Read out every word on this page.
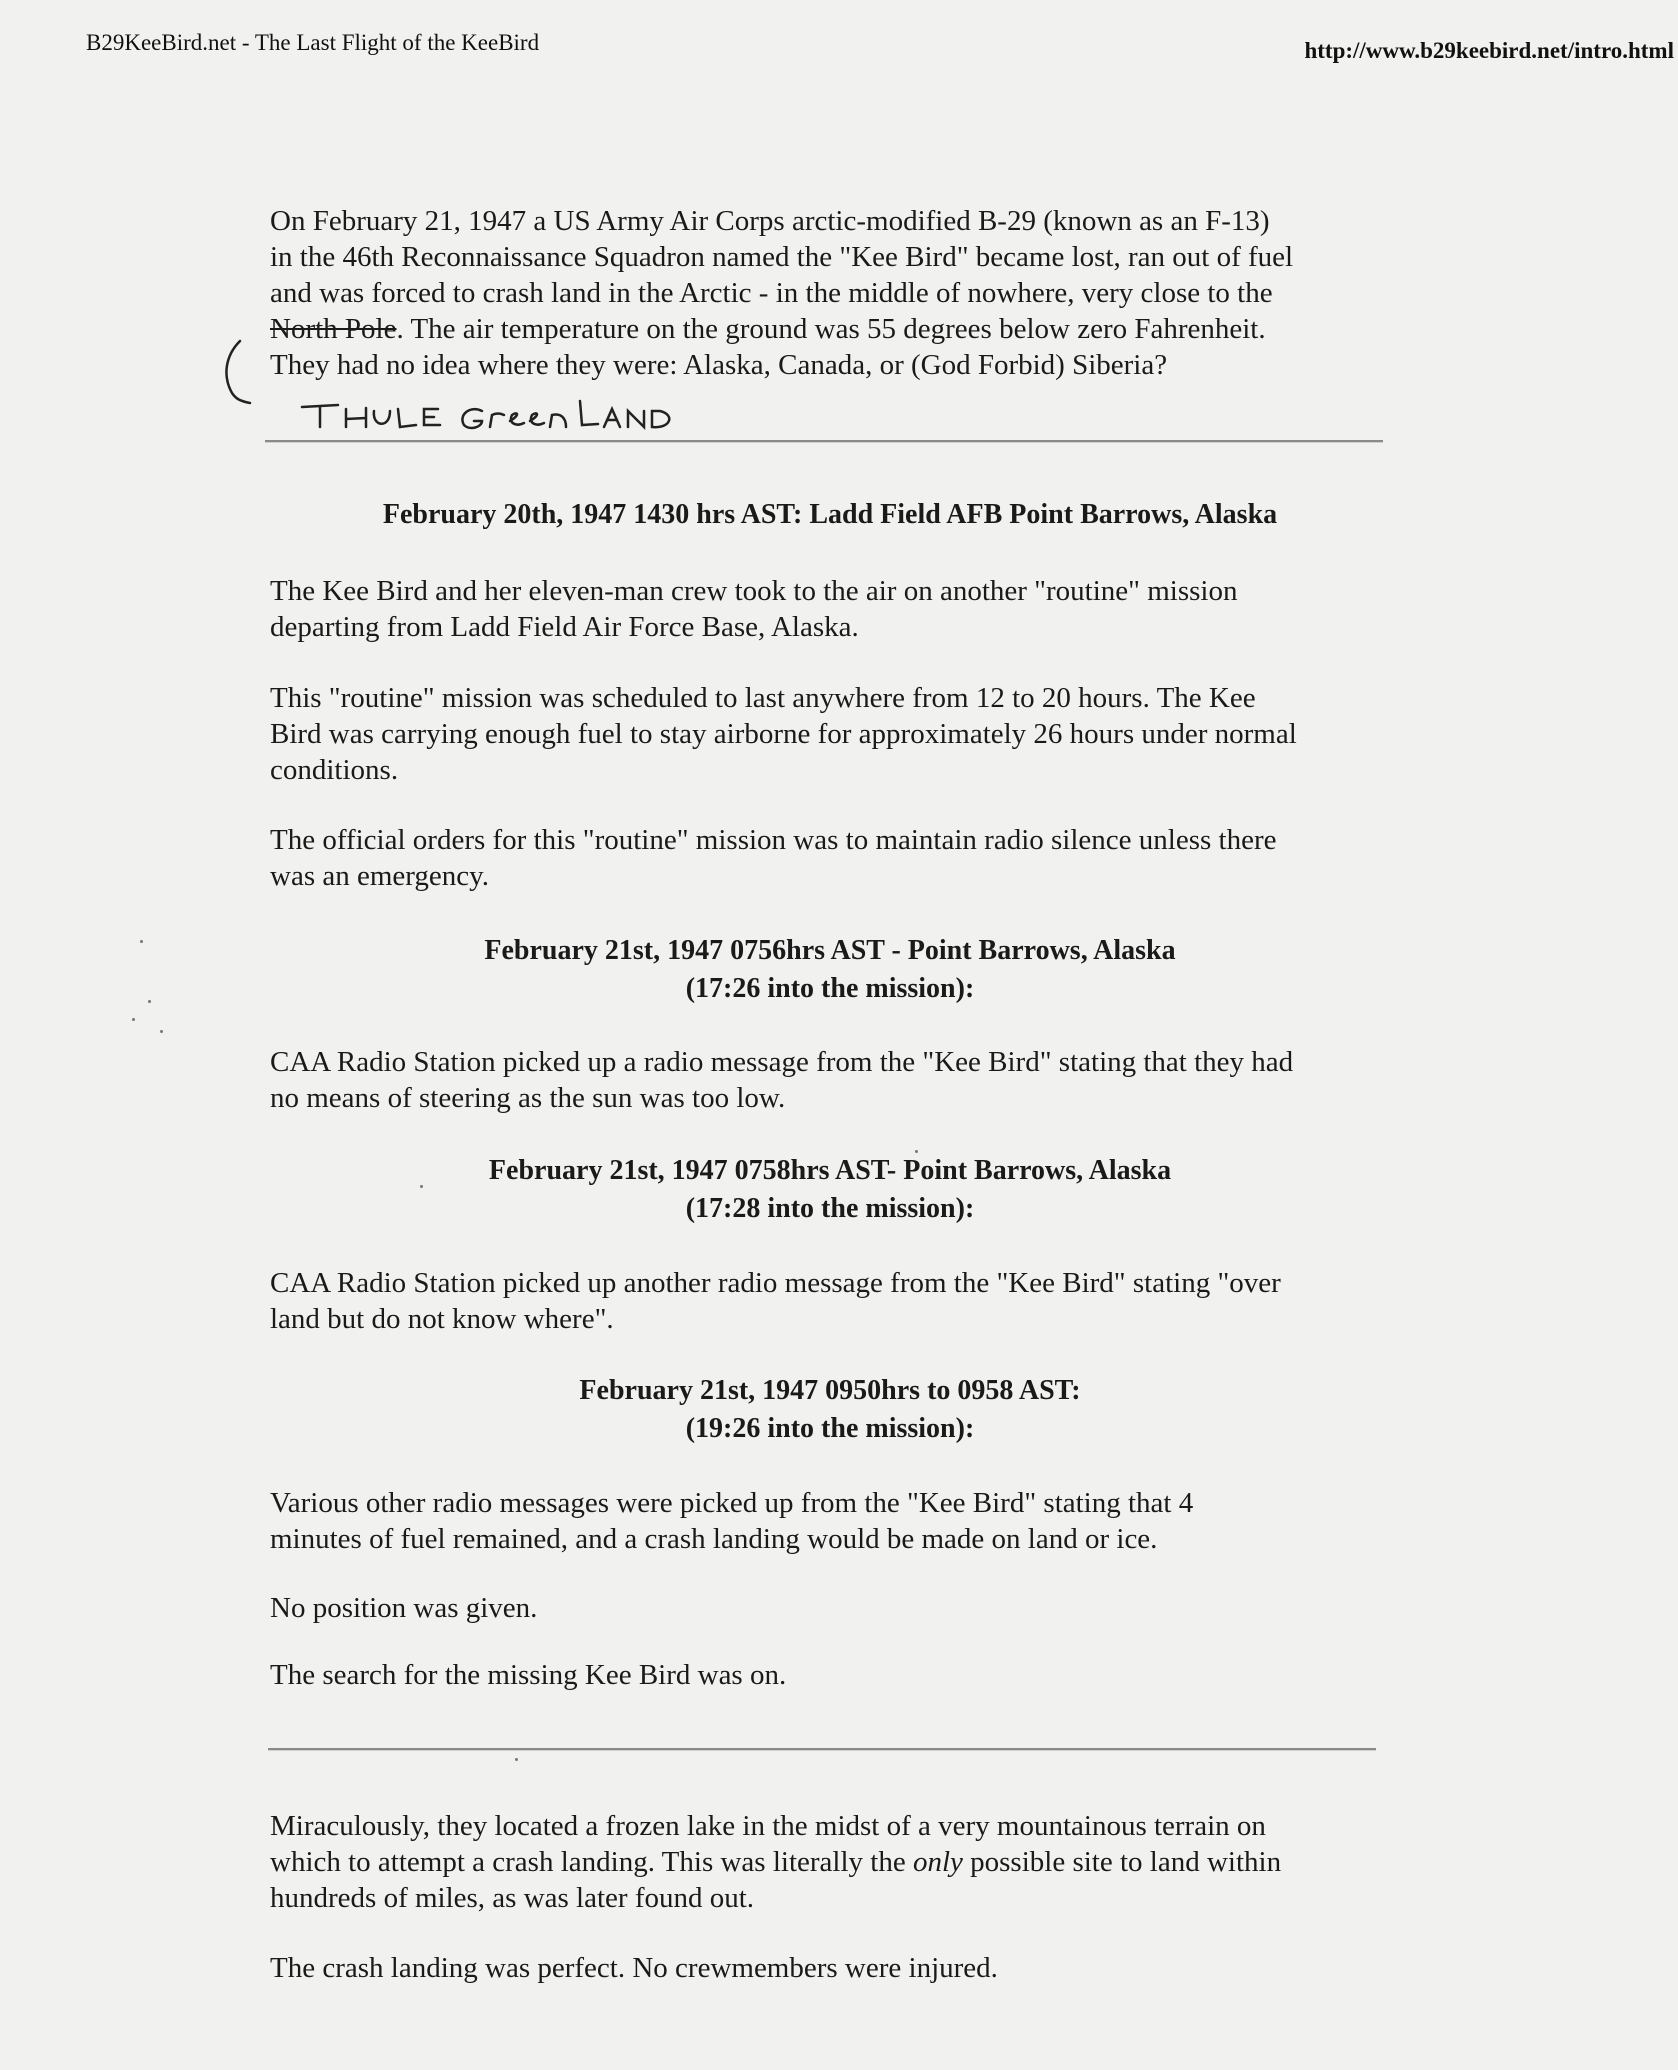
B29KeeBird.net - The Last Flight of the KeeBird	http://www.b29keebird.net/intro.html

On February 21, 1947 a US Army Air Corps arctic-modified B-29 (known as an F-13)

in the 46th Reconnaissance Squadron named the "Kee Bird" became lost, ran out of fuel

and was forced to crash land in the Arctic - in the middle of nowhere, very close to the

North Pole. The air temperature on the ground was 55 degrees below zero Fahrenheit.

They had no idea where they were: Alaska, Canada, or (God Forbid) Siberia?

February 20th, 1947 1430 hrs AST: Ladd Field AFB Point Barrows, Alaska

The Kee Bird and her eleven-man crew took to the air on another "routine" mission

departing from Ladd Field Air Force Base, Alaska.

This "routine" mission was scheduled to last anywhere from 12 to 20 hours. The Kee

Bird was carrying enough fuel to stay airborne for approximately 26 hours under normal

conditions.

The official orders for this "routine" mission was to maintain radio silence unless there

was an emergency.

February 21st, 1947 0756hrs AST - Point Barrows, Alaska
(17:26 into the mission):

CAA Radio Station picked up a radio message from the "Kee Bird" stating that they had

no means of steering as the sun was too low.

February 21st, 1947 0758hrs AST- Point Barrows, Alaska
(17:28 into the mission):

CAA Radio Station picked up another radio message from the "Kee Bird" stating "over

land but do not know where".

February 21st, 1947 0950hrs to 0958 AST:
(19:26 into the mission):

Various other radio messages were picked up from the "Kee Bird" stating that 4

minutes of fuel remained, and a crash landing would be made on land or ice.

No position was given.

The search for the missing Kee Bird was on.

Miraculously, they located a frozen lake in the midst of a very mountainous terrain on

which to attempt a crash landing. This was literally the only possible site to land within

hundreds of miles, as was later found out.

The crash landing was perfect. No crewmembers were injured.
